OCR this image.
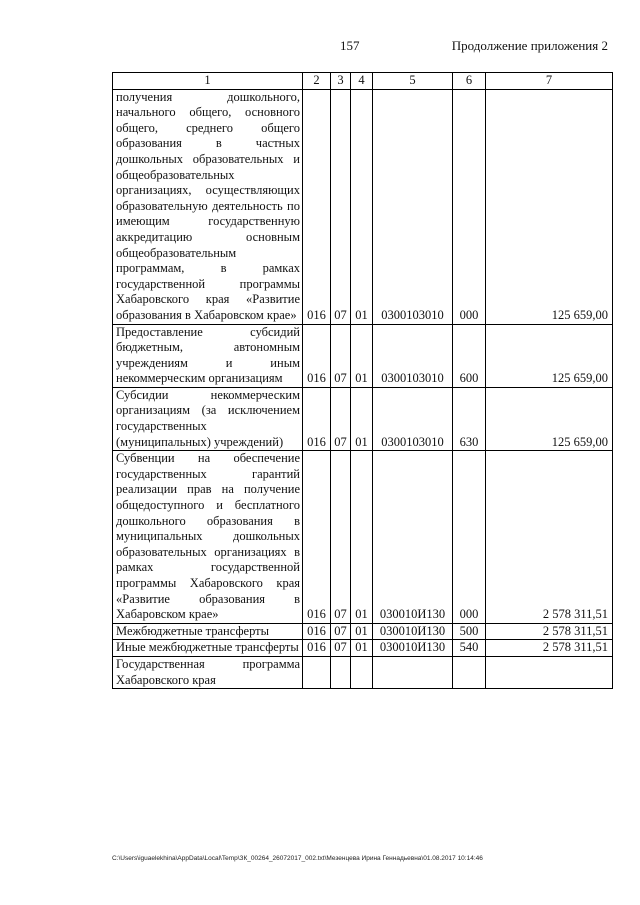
157	Продолжение приложения 2
1	2	3	4	5	6	7
получения дошкольного, начального общего, основного общего, среднего общего образования в частных дошкольных образовательных и общеобразовательных организациях, осуществляющих образовательную деятельность по имеющим государственную аккредитацию основным общеобразовательным программам, в рамках государственной программы Хабаровского края «Развитие образования в Хабаровском крае»	016	07	01	0300103010	000	125 659,00
Предоставление субсидий бюджетным, автономным учреждениям и иным некоммерческим организациям	016	07	01	0300103010	600	125 659,00
Субсидии некоммерческим организациям (за исключением государственных (муниципальных) учреждений)	016	07	01	0300103010	630	125 659,00
Субвенции на обеспечение государственных гарантий реализации прав на получение общедоступного и бесплатного дошкольного образования в муниципальных дошкольных образовательных организациях в рамках государственной программы Хабаровского края «Развитие образования в Хабаровском крае»	016	07	01	030010И130	000	2 578 311,51
Межбюджетные трансферты	016	07	01	030010И130	500	2 578 311,51
Иные межбюджетные трансферты	016	07	01	030010И130	540	2 578 311,51
Государственная программа Хабаровского края						
C:\Users\iguaelekhina\AppData\Local\Temp\ЗК_00264_26072017_002.txt\Мезенцева Ирина Геннадьевна\01.08.2017 10:14:46
